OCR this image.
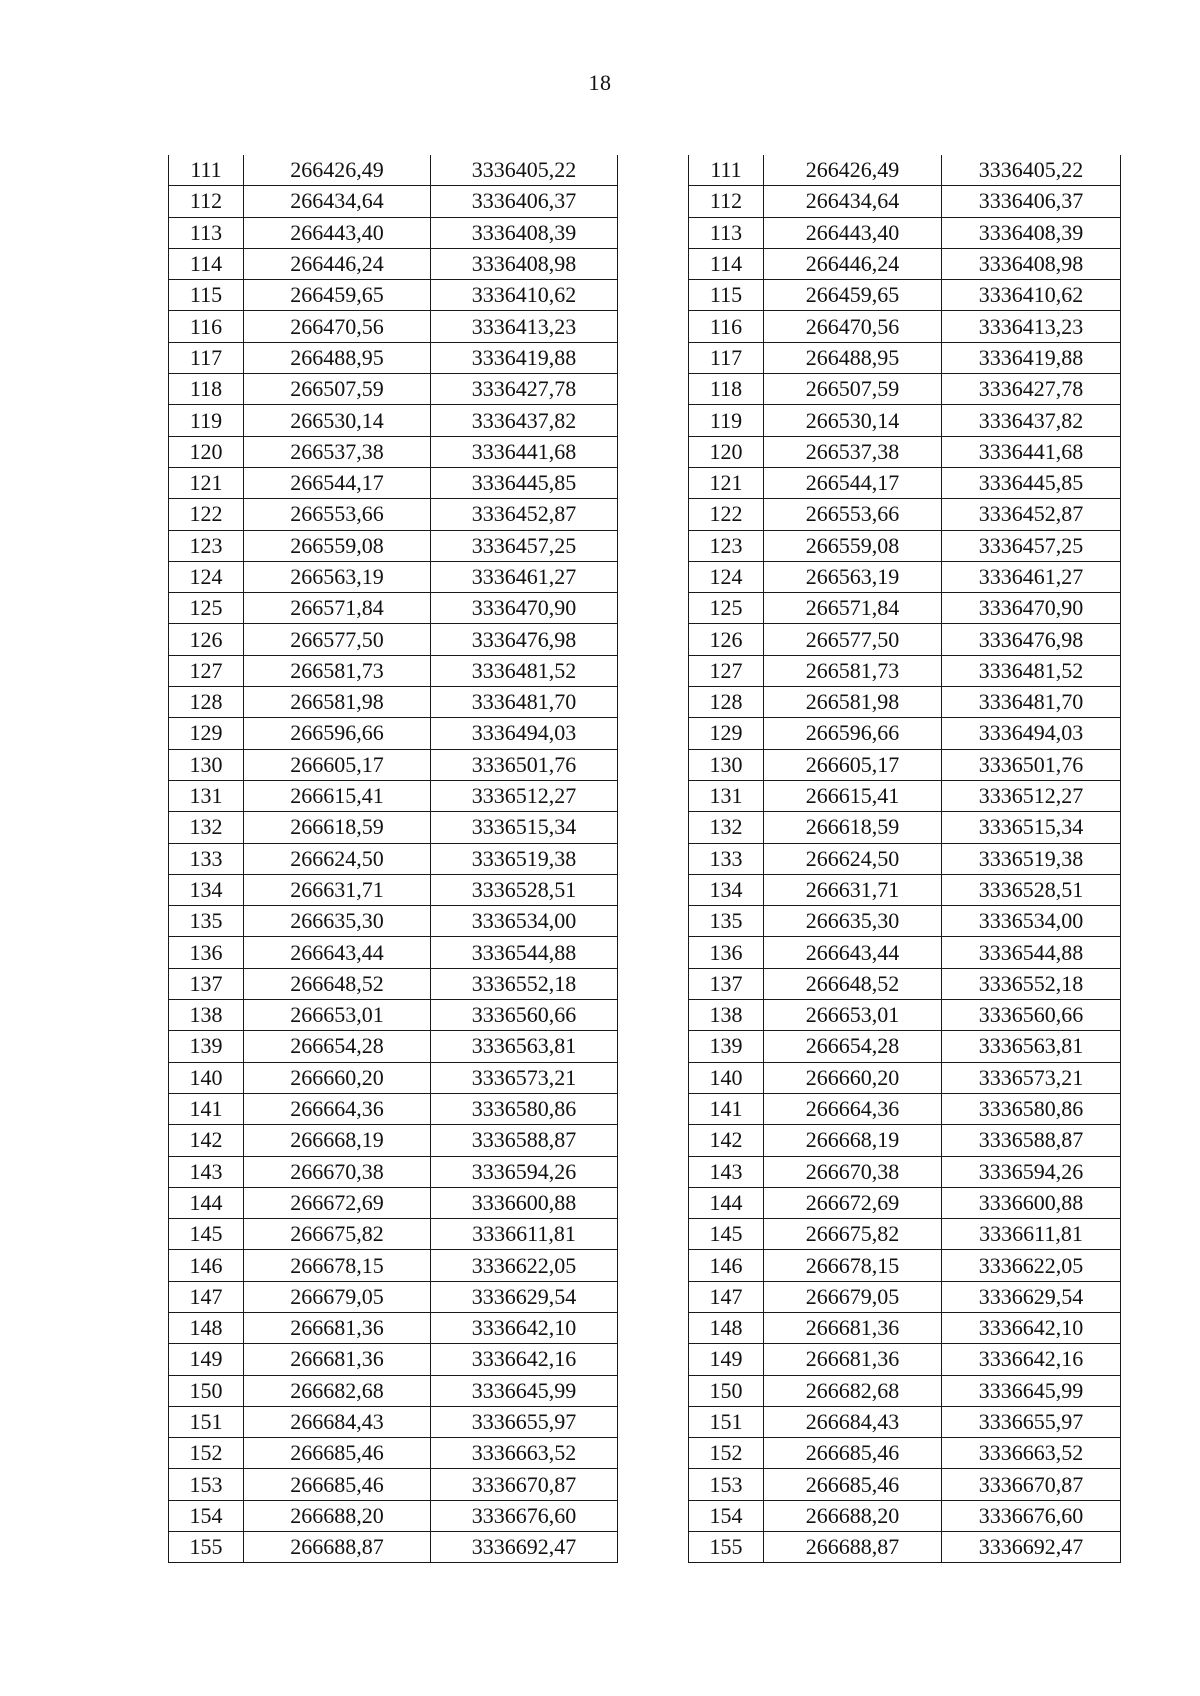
18
111	266426,49	3336405,22
112	266434,64	3336406,37
113	266443,40	3336408,39
114	266446,24	3336408,98
115	266459,65	3336410,62
116	266470,56	3336413,23
117	266488,95	3336419,88
118	266507,59	3336427,78
119	266530,14	3336437,82
120	266537,38	3336441,68
121	266544,17	3336445,85
122	266553,66	3336452,87
123	266559,08	3336457,25
124	266563,19	3336461,27
125	266571,84	3336470,90
126	266577,50	3336476,98
127	266581,73	3336481,52
128	266581,98	3336481,70
129	266596,66	3336494,03
130	266605,17	3336501,76
131	266615,41	3336512,27
132	266618,59	3336515,34
133	266624,50	3336519,38
134	266631,71	3336528,51
135	266635,30	3336534,00
136	266643,44	3336544,88
137	266648,52	3336552,18
138	266653,01	3336560,66
139	266654,28	3336563,81
140	266660,20	3336573,21
141	266664,36	3336580,86
142	266668,19	3336588,87
143	266670,38	3336594,26
144	266672,69	3336600,88
145	266675,82	3336611,81
146	266678,15	3336622,05
147	266679,05	3336629,54
148	266681,36	3336642,10
149	266681,36	3336642,16
150	266682,68	3336645,99
151	266684,43	3336655,97
152	266685,46	3336663,52
153	266685,46	3336670,87
154	266688,20	3336676,60
155	266688,87	3336692,47
111	266426,49	3336405,22
112	266434,64	3336406,37
113	266443,40	3336408,39
114	266446,24	3336408,98
115	266459,65	3336410,62
116	266470,56	3336413,23
117	266488,95	3336419,88
118	266507,59	3336427,78
119	266530,14	3336437,82
120	266537,38	3336441,68
121	266544,17	3336445,85
122	266553,66	3336452,87
123	266559,08	3336457,25
124	266563,19	3336461,27
125	266571,84	3336470,90
126	266577,50	3336476,98
127	266581,73	3336481,52
128	266581,98	3336481,70
129	266596,66	3336494,03
130	266605,17	3336501,76
131	266615,41	3336512,27
132	266618,59	3336515,34
133	266624,50	3336519,38
134	266631,71	3336528,51
135	266635,30	3336534,00
136	266643,44	3336544,88
137	266648,52	3336552,18
138	266653,01	3336560,66
139	266654,28	3336563,81
140	266660,20	3336573,21
141	266664,36	3336580,86
142	266668,19	3336588,87
143	266670,38	3336594,26
144	266672,69	3336600,88
145	266675,82	3336611,81
146	266678,15	3336622,05
147	266679,05	3336629,54
148	266681,36	3336642,10
149	266681,36	3336642,16
150	266682,68	3336645,99
151	266684,43	3336655,97
152	266685,46	3336663,52
153	266685,46	3336670,87
154	266688,20	3336676,60
155	266688,87	3336692,47
